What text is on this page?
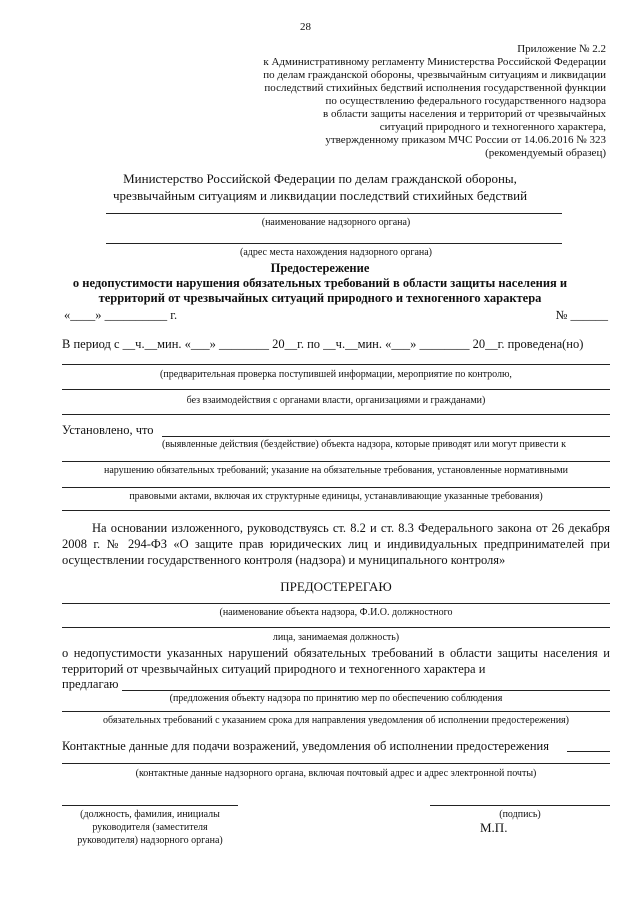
28
Приложение № 2.2
к Административному регламенту Министерства Российской Федерации
по делам гражданской обороны, чрезвычайным ситуациям и ликвидации
последствий стихийных бедствий исполнения государственной функции
по осуществлению федерального государственного надзора
в области защиты населения и территорий от чрезвычайных
ситуаций природного и техногенного характера,
утвержденному приказом МЧС России от 14.06.2016 № 323
(рекомендуемый образец)
Министерство Российской Федерации по делам гражданской обороны,
чрезвычайным ситуациям и ликвидации последствий стихийных бедствий
(наименование надзорного органа)
(адрес места нахождения надзорного органа)
Предостережение
о недопустимости нарушения обязательных требований в области защиты населения и
территорий от чрезвычайных ситуаций природного и техногенного характера
«____» __________ г.	№ ______
В период с __ч.__мин. «___» ________ 20__г. по __ч.__мин. «___» ________ 20__г. проведена(но)
(предварительная проверка поступившей информации, мероприятие по контролю,
без взаимодействия с органами власти, организациями и гражданами)
Установлено, что
(выявленные действия (бездействие) объекта надзора, которые приводят или могут привести к
нарушению обязательных требований; указание на обязательные требования, установленные нормативными
правовыми актами, включая их структурные единицы, устанавливающие указанные требования)
На основании изложенного, руководствуясь ст. 8.2 и ст. 8.3 Федерального закона от 26 декабря 2008 г. № 294-ФЗ «О защите прав юридических лиц и индивидуальных предпринимателей при осуществлении государственного контроля (надзора) и муниципального контроля»
ПРЕДОСТЕРЕГАЮ
(наименование объекта надзора, Ф.И.О. должностного
лица, занимаемая должность)
о недопустимости указанных нарушений обязательных требований в области защиты населения и территорий от чрезвычайных ситуаций природного и техногенного характера и
предлагаю
(предложения объекту надзора по принятию мер по обеспечению соблюдения
обязательных требований с указанием срока для направления уведомления об исполнении предостережения)
Контактные данные для подачи возражений, уведомления об исполнении предостережения
(контактные данные надзорного органа, включая почтовый адрес и адрес электронной почты)
(должность, фамилия, инициалы
руководителя (заместителя
руководителя) надзорного органа)
(подпись)
М.П.
